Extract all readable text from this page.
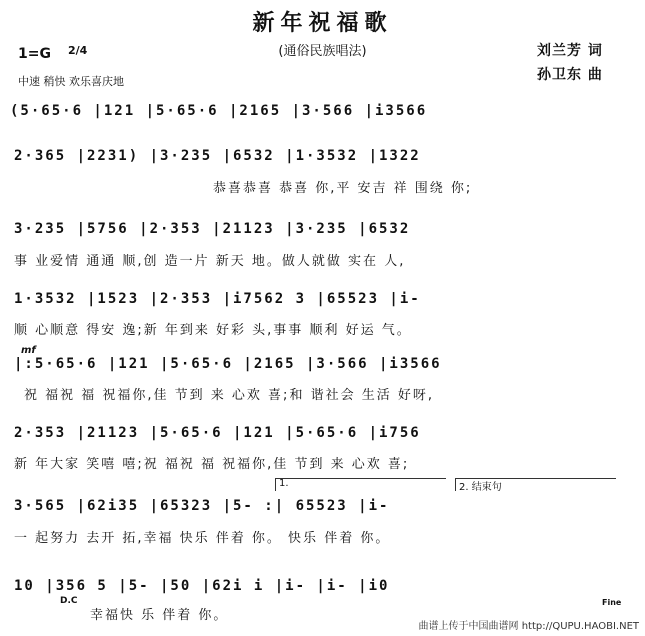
新年祝福歌
(通俗民族唱法)	刘兰芳 词
孙卫东 曲
1=G 2/4
中速 稍快 欢乐喜庆地
(5·65·6 |121 |5·65·6 |2165 |3·566 |i3566
2·365 |2231) |3·235 |6532 |1·3532 |1322
恭喜恭喜 恭喜 你,平 安吉 祥 围绕 你;
3·235 |5756 |2·353 |21123 |3·235 |6532
事 业爱情 通通 顺,创 造一片 新天 地。做人就做 实在 人,
1·3532 |1523 |2·353 |i7562 3 |65523 |i-
顺 心顺意 得安 逸;新 年到来 好彩 头,事事 顺利 好运 气。
mf
|:5·65·6 |121 |5·65·6 |2165 |3·566 |i3566
祝 福祝 福 祝福你,佳 节到 来 心欢 喜;和 谐社会 生活 好呀,
2·353 |21123 |5·65·6 |121 |5·65·6 |i756
新 年大家 笑嘻 嘻;祝 福祝 福 祝福你,佳 节到 来 心欢 喜;
1.	2. 结束句
3·565 |62i35 |65323 |5- :| 65523 |i-
一 起努力 去开 拓,幸福 快乐 伴着 你。 快乐 伴着 你。
10 |356 5 |5- |50 |62i i |i- |i- |i0
D.C
幸福快 乐 伴着 你。
Fine
曲谱上传于中国曲谱网 http://QUPU.HAOBI.NET
